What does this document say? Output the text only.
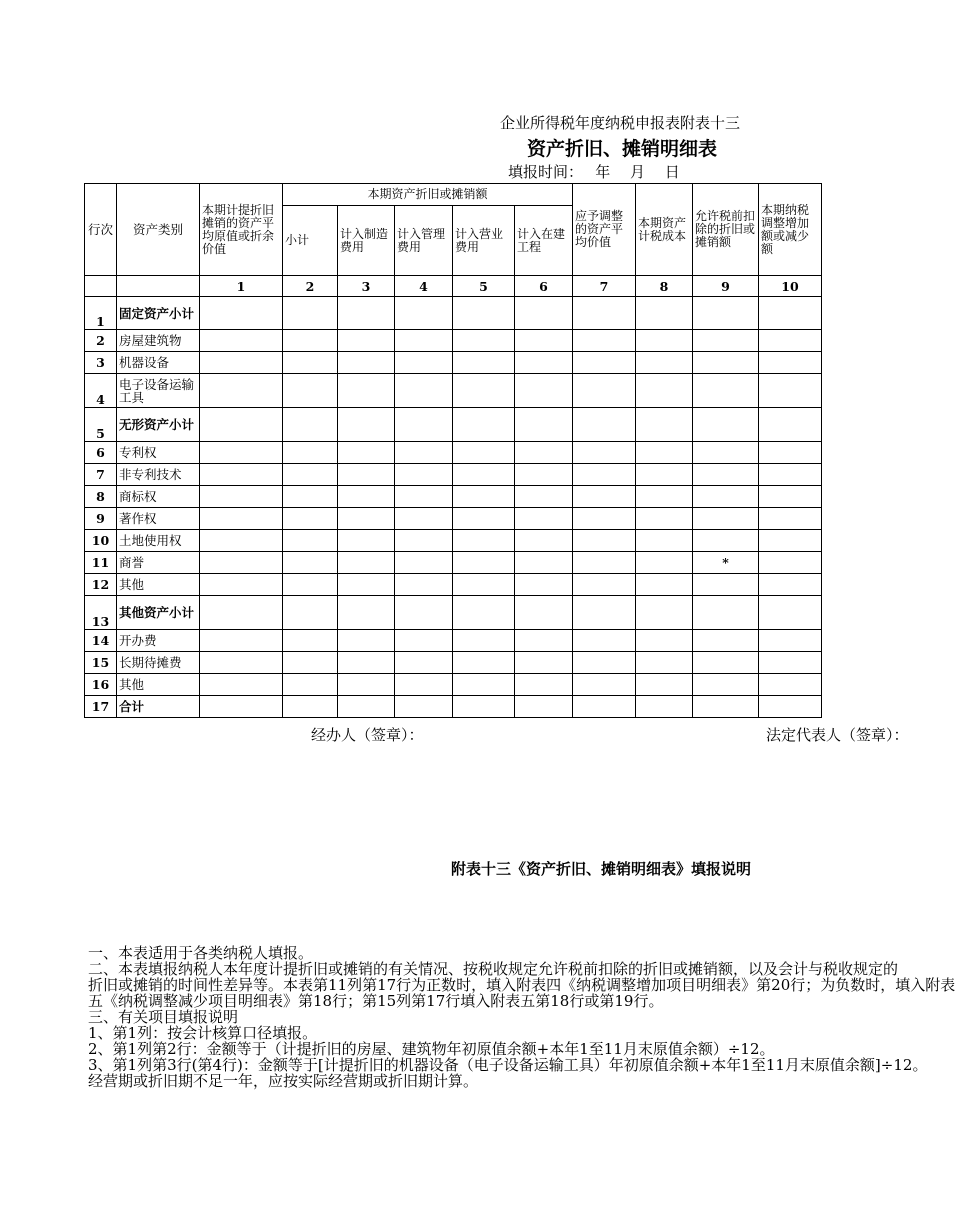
企业所得税年度纳税申报表附表十三
资产折旧、摊销明细表
填报时间：　 年　 月　 日
行次	资产类别	本期计提折旧摊销的资产平均原值或折余价值	本期资产折旧或摊销额					应予调整的资产平均价值	本期资产计税成本	允许税前扣除的折旧或摊销额	本期纳税调整增加额或减少额
			小计	计入制造费用	计入管理费用	计入营业费用	计入在建工程				
		1	2	3	4	5	6	7	8	9	10
1	固定资产小计										
2	房屋建筑物										
3	机器设备										
4	电子设备运输工具										
5	无形资产小计										
6	专利权										
7	非专利技术										
8	商标权										
9	著作权										
10	土地使用权										
11	商誉									*	
12	其他										
13	其他资产小计										
14	开办费										
15	长期待摊费										
16	其他										
17	合计										
经办人（签章）：	法定代表人（签章）：
附表十三《资产折旧、摊销明细表》填报说明
一、本表适用于各类纳税人填报。
二、本表填报纳税人本年度计提折旧或摊销的有关情况、按税收规定允许税前扣除的折旧或摊销额，以及会计与税收规定的
折旧或摊销的时间性差异等。本表第11列第17行为正数时，填入附表四《纳税调整增加项目明细表》第20行；为负数时，填入附表
五《纳税调整减少项目明细表》第18行；第15列第17行填入附表五第18行或第19行。
三、有关项目填报说明
1、第1列：按会计核算口径填报。
2、第1列第2行：金额等于（计提折旧的房屋、建筑物年初原值余额+本年1至11月末原值余额）÷12。
3、第1列第3行(第4行)：金额等于[计提折旧的机器设备（电子设备运输工具）年初原值余额+本年1至11月末原值余额]÷12。
经营期或折旧期不足一年，应按实际经营期或折旧期计算。
